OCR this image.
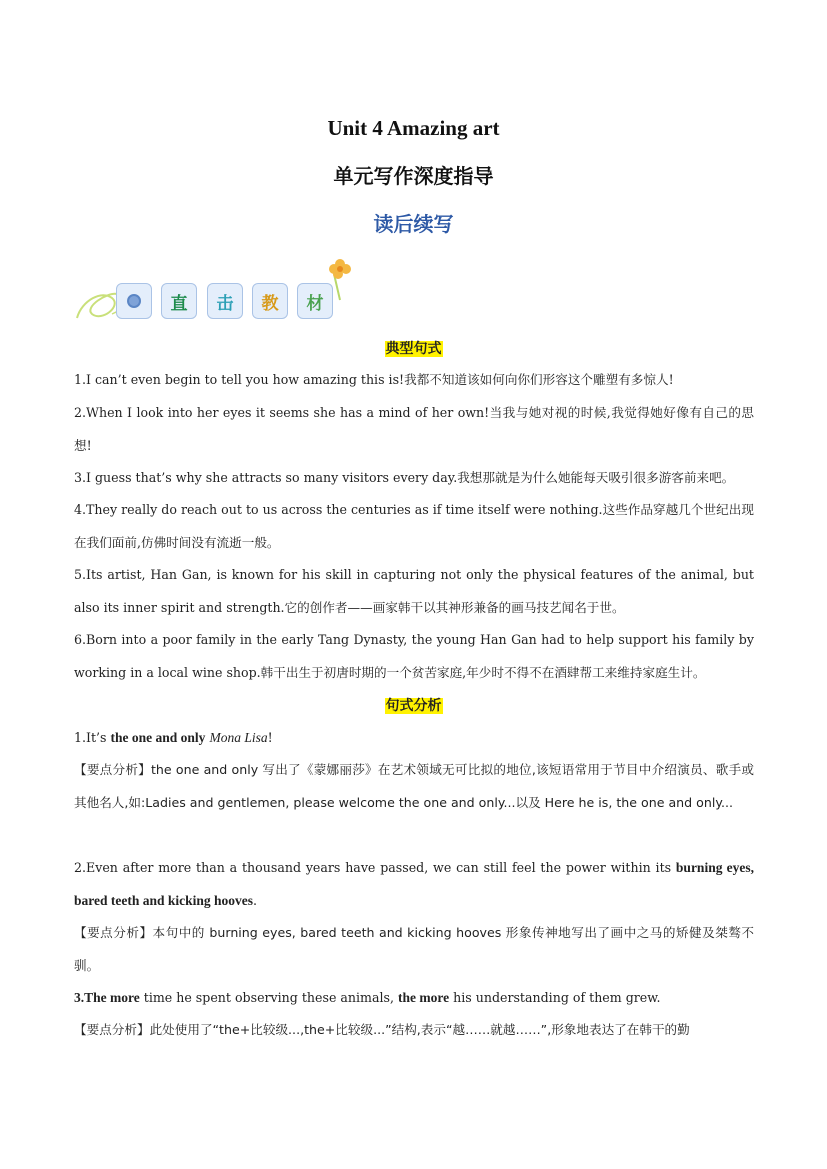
Unit 4 Amazing art
单元写作深度指导
读后续写
直	击	教	材
典型句式
1.I can’t even begin to tell you how amazing this is!我都不知道该如何向你们形容这个雕塑有多惊人!
2.When I look into her eyes it seems she has a mind of her own!当我与她对视的时候,我觉得她好像有自己的思想!
3.I guess that’s why she attracts so many visitors every day.我想那就是为什么她能每天吸引很多游客前来吧。
4.They really do reach out to us across the centuries as if time itself were nothing.这些作品穿越几个世纪出现在我们面前,仿佛时间没有流逝一般。
5.Its artist, Han Gan, is known for his skill in capturing not only the physical features of the animal, but also its inner spirit and strength.它的创作者——画家韩干以其神形兼备的画马技艺闻名于世。
6.Born into a poor family in the early Tang Dynasty, the young Han Gan had to help support his family by working in a local wine shop.韩干出生于初唐时期的一个贫苦家庭,年少时不得不在酒肆帮工来维持家庭生计。
句式分析
1.It’s the one and only Mona Lisa!
【要点分析】the one and only 写出了《蒙娜丽莎》在艺术领域无可比拟的地位,该短语常用于节目中介绍演员、歌手或其他名人,如:Ladies and gentlemen, please welcome the one and only...以及 Here he is, the one and only...
2.Even after more than a thousand years have passed, we can still feel the power within its burning eyes, bared teeth and kicking hooves.
【要点分析】本句中的 burning eyes, bared teeth and kicking hooves 形象传神地写出了画中之马的矫健及桀骜不驯。
3.The more time he spent observing these animals, the more his understanding of them grew.
【要点分析】此处使用了“the+比较级...,the+比较级...”结构,表示“越……就越……”,形象地表达了在韩干的勤
